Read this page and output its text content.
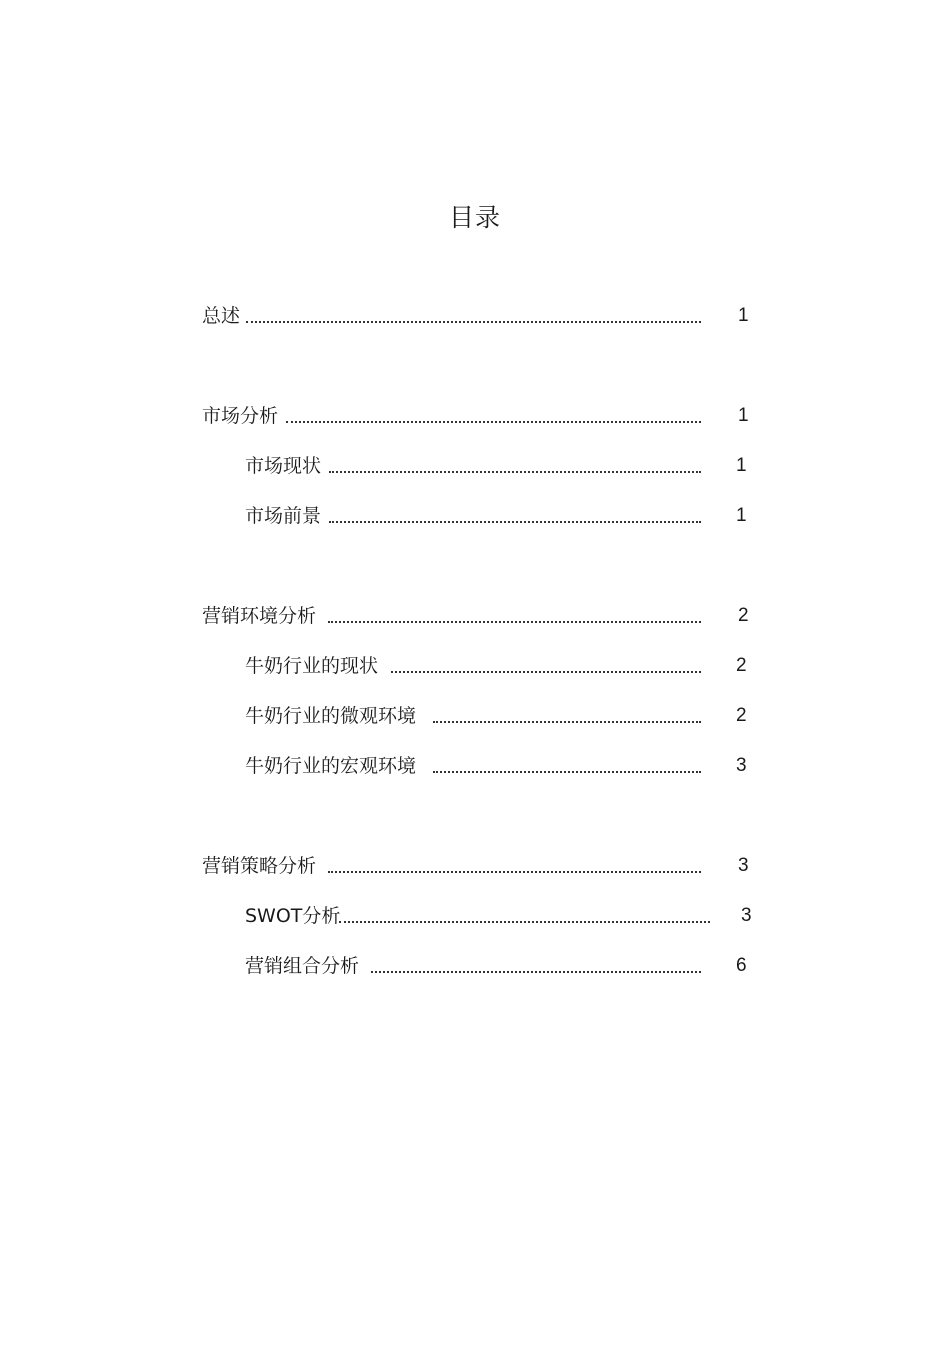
目录
总述	1
市场分析	1
市场现状	1
市场前景	1
营销环境分析	2
牛奶行业的现状	2
牛奶行业的微观环境	2
牛奶行业的宏观环境	3
营销策略分析	3
SWOT分析	3
营销组合分析	6
